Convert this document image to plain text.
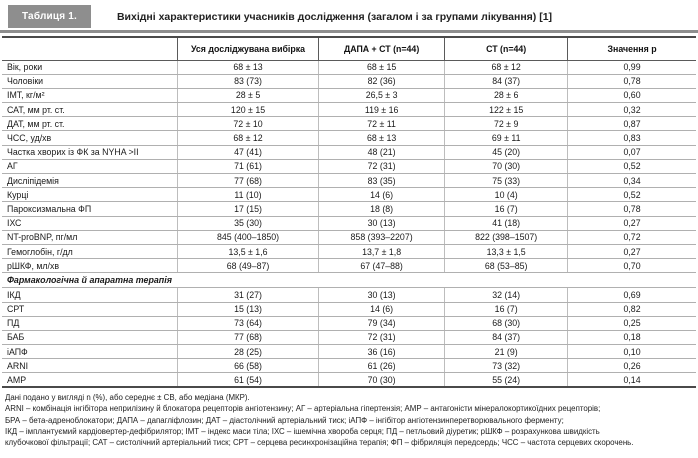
Таблиця 1.	Вихідні характеристики учасників дослідження (загалом і за групами лікування) [1]
	Уся досліджувана вибірка	ДАПА + СТ (n=44)	СТ (n=44)	Значення р
Вік, роки	68 ± 13	68 ± 15	68 ± 12	0,99
Чоловіки	83 (73)	82 (36)	84 (37)	0,78
ІМТ, кг/м²	28 ± 5	26,5 ± 3	28 ± 6	0,60
САТ, мм рт. ст.	120 ± 15	119 ± 16	122 ± 15	0,32
ДАТ, мм рт. ст.	72 ± 10	72 ± 11	72 ± 9	0,87
ЧСС, уд/хв	68 ± 12	68 ± 13	69 ± 11	0,83
Частка хворих із ФК за NYHA >II	47 (41)	48 (21)	45 (20)	0,07
АГ	71 (61)	72 (31)	70 (30)	0,52
Дисліпідемія	77 (68)	83 (35)	75 (33)	0,34
Курці	11 (10)	14 (6)	10 (4)	0,52
Пароксизмальна ФП	17 (15)	18 (8)	16 (7)	0,78
ІХС	35 (30)	30 (13)	41 (18)	0,27
NT-proBNP, пг/мл	845 (400–1850)	858 (393–2207)	822 (398–1507)	0,72
Гемоглобін, г/дл	13,5 ± 1,6	13,7 ± 1,8	13,3 ± 1,5	0,27
рШКФ, мл/хв	68 (49–87)	67 (47–88)	68 (53–85)	0,70
Фармакологічна й апаратна терапія				
ІКД	31 (27)	30 (13)	32 (14)	0,69
СРТ	15 (13)	14 (6)	16 (7)	0,82
ПД	73 (64)	79 (34)	68 (30)	0,25
БАБ	77 (68)	72 (31)	84 (37)	0,18
іАПФ	28 (25)	36 (16)	21 (9)	0,10
ARNI	66 (58)	61 (26)	73 (32)	0,26
АМР	61 (54)	70 (30)	55 (24)	0,14
Дані подано у вигляді n (%), або середнє ± СВ, або медіана (МКР).
ARNI – комбінація інгібітора неприлізину й блокатора рецепторів ангіотензину; АГ – артеріальна гіпертензія; АМР – антагоністи мінералокортикоїдних рецепторів;
БРА – бета-адреноблокатори; ДАПА – дапагліфлозин; ДАТ – діастолічний артеріальний тиск; іАПФ – інгібітор ангіотензинперетворювального ферменту;
ІКД – імплантуємий кардіовертер-дефібрилятор; ІМТ – індекс маси тіла; ІХС – ішемічна хвороба серця; ПД – петльовий діуретик; рШКФ – розрахункова швидкість
клубочкової фільтрації; САТ – систолічний артеріальний тиск; СРТ – серцева ресинхронізаційна терапія; ФП – фібриляція передсердь; ЧСС – частота серцевих скорочень.
